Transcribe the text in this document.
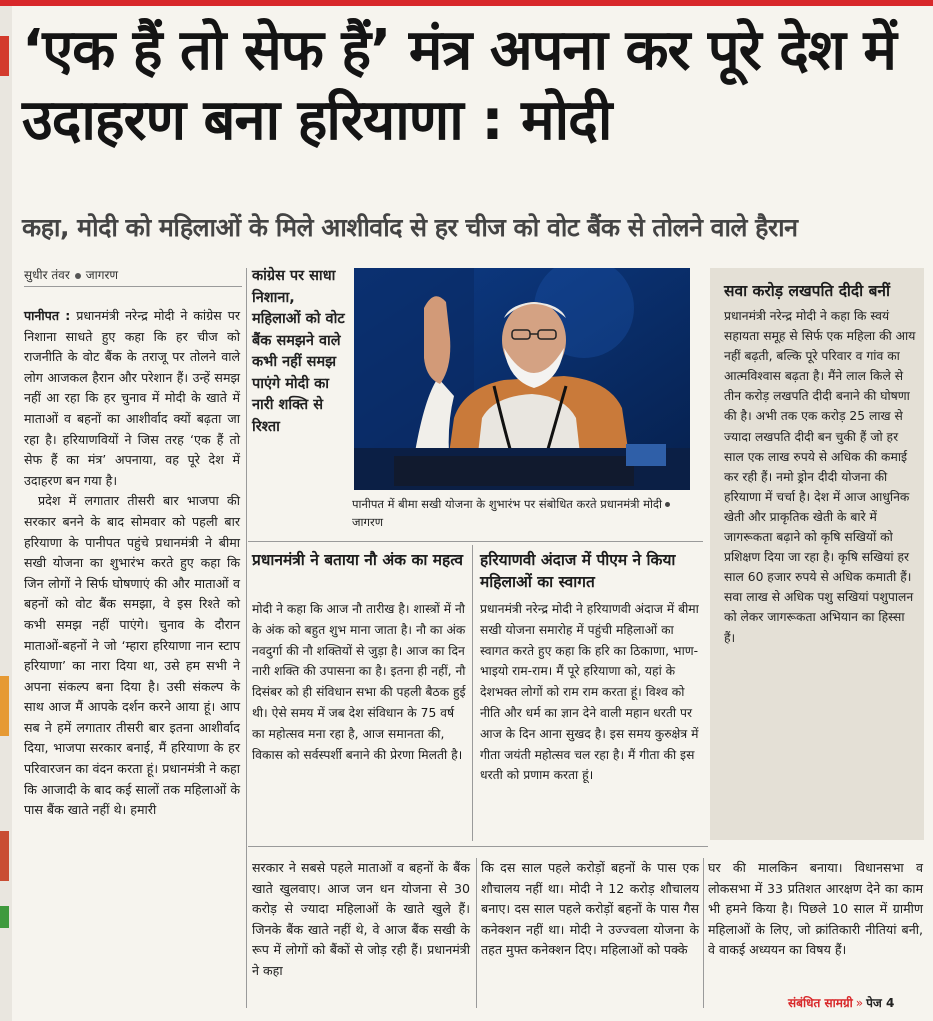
‘एक हैं तो सेफ हैं’ मंत्र अपना कर पूरे देश में उदाहरण बना हरियाणा : मोदी
कहा, मोदी को महिलाओं के मिले आशीर्वाद से हर चीज को वोट बैंक से तोलने वाले हैरान
सुधीर तंवर जागरण

पानीपत : प्रधानमंत्री नरेन्द्र मोदी ने कांग्रेस पर निशाना साधते हुए कहा कि हर चीज को राजनीति के वोट बैंक के तराजू पर तोलने वाले लोग आजकल हैरान और परेशान हैं। उन्हें समझ नहीं आ रहा कि हर चुनाव में मोदी के खाते में माताओं व बहनों का आशीर्वाद क्यों बढ़ता जा रहा है। हरियाणवियों ने जिस तरह ‘एक हैं तो सेफ हैं का मंत्र’ अपनाया, वह पूरे देश में उदाहरण बन गया है।

प्रदेश में लगातार तीसरी बार भाजपा की सरकार बनने के बाद सोमवार को पहली बार हरियाणा के पानीपत पहुंचे प्रधानमंत्री ने बीमा सखी योजना का शुभारंभ करते हुए कहा कि जिन लोगों ने सिर्फ घोषणाएं की और माताओं व बहनों को वोट बैंक समझा, वे इस रिश्ते को कभी समझ नहीं पाएंगे। चुनाव के दौरान माताओं-बहनों ने जो ‘म्हारा हरियाणा नान स्टाप हरियाणा’ का नारा दिया था, उसे हम सभी ने अपना संकल्प बना दिया है। उसी संकल्प के साथ आज मैं आपके दर्शन करने आया हूं। आप सब ने हमें लगातार तीसरी बार इतना आशीर्वाद दिया, भाजपा सरकार बनाई, मैं हरियाणा के हर परिवारजन का वंदन करता हूं। प्रधानमंत्री ने कहा कि आजादी के बाद कई सालों तक महिलाओं के पास बैंक खाते नहीं थे। हमारी

कांग्रेस पर साधा निशाना, महिलाओं को वोट बैंक समझने वाले कभी नहीं समझ पाएंगे मोदी का नारी शक्ति से रिश्ता
पानीपत में बीमा सखी योजना के शुभारंभ पर संबोधित करते प्रधानमंत्री मोदीजागरण
सवा करोड़ लखपति दीदी बनीं
प्रधानमंत्री नरेन्द्र मोदी ने कहा कि स्वयं सहायता समूह से सिर्फ एक महिला की आय नहीं बढ़ती, बल्कि पूरे परिवार व गांव का आत्मविश्वास बढ़ता है। मैंने लाल किले से तीन करोड़ लखपति दीदी बनाने की घोषणा की है। अभी तक एक करोड़ 25 लाख से ज्यादा लखपति दीदी बन चुकी हैं जो हर साल एक लाख रुपये से अधिक की कमाई कर रही हैं। नमो ड्रोन दीदी योजना की हरियाणा में चर्चा है। देश में आज आधुनिक खेती और प्राकृतिक खेती के बारे में जागरूकता बढ़ाने को कृषि सखियों को प्रशिक्षण दिया जा रहा है। कृषि सखियां हर साल 60 हजार रुपये से अधिक कमाती हैं। सवा लाख से अधिक पशु सखियां पशुपालन को लेकर जागरूकता अभियान का हिस्सा हैं।
प्रधानमंत्री ने बताया नौ अंक का महत्व
मोदी ने कहा कि आज नौ तारीख है। शास्त्रों में नौ के अंक को बहुत शुभ माना जाता है। नौ का अंक नवदुर्गा की नौ शक्तियों से जुड़ा है। आज का दिन नारी शक्ति की उपासना का है। इतना ही नहीं, नौ दिसंबर को ही संविधान सभा की पहली बैठक हुई थी। ऐसे समय में जब देश संविधान के 75 वर्ष का महोत्सव मना रहा है, आज समानता की, विकास को सर्वस्पर्शी बनाने की प्रेरणा मिलती है।
हरियाणवी अंदाज में पीएम ने किया महिलाओं का स्वागत
प्रधानमंत्री नरेन्द्र मोदी ने हरियाणवी अंदाज में बीमा सखी योजना समारोह में पहुंची महिलाओं का स्वागत करते हुए कहा कि हरि का ठिकाणा, भाण-भाइयो राम-राम। मैं पूरे हरियाणा को, यहां के देशभक्त लोगों को राम राम करता हूं। विश्व को नीति और धर्म का ज्ञान देने वाली महान धरती पर आज के दिन आना सुखद है। इस समय कुरुक्षेत्र में गीता जयंती महोत्सव चल रहा है। मैं गीता की इस धरती को प्रणाम करता हूं।
सरकार ने सबसे पहले माताओं व बहनों के बैंक खाते खुलवाए। आज जन धन योजना से 30 करोड़ से ज्यादा महिलाओं के खाते खुले हैं। जिनके बैंक खाते नहीं थे, वे आज बैंक सखी के रूप में लोगों को बैंकों से जोड़ रही हैं। प्रधानमंत्री ने कहा
कि दस साल पहले करोड़ों बहनों के पास एक शौचालय नहीं था। मोदी ने 12 करोड़ शौचालय बनाए। दस साल पहले करोड़ों बहनों के पास गैस कनेक्शन नहीं था। मोदी ने उज्ज्वला योजना के तहत मुफ्त कनेक्शन दिए। महिलाओं को पक्के
घर की मालकिन बनाया। विधानसभा व लोकसभा में 33 प्रतिशत आरक्षण देने का काम भी हमने किया है। पिछले 10 साल में ग्रामीण महिलाओं के लिए, जो क्रांतिकारी नीतियां बनी, वे वाकई अध्ययन का विषय हैं।
संबंधित सामग्री » पेज 4
